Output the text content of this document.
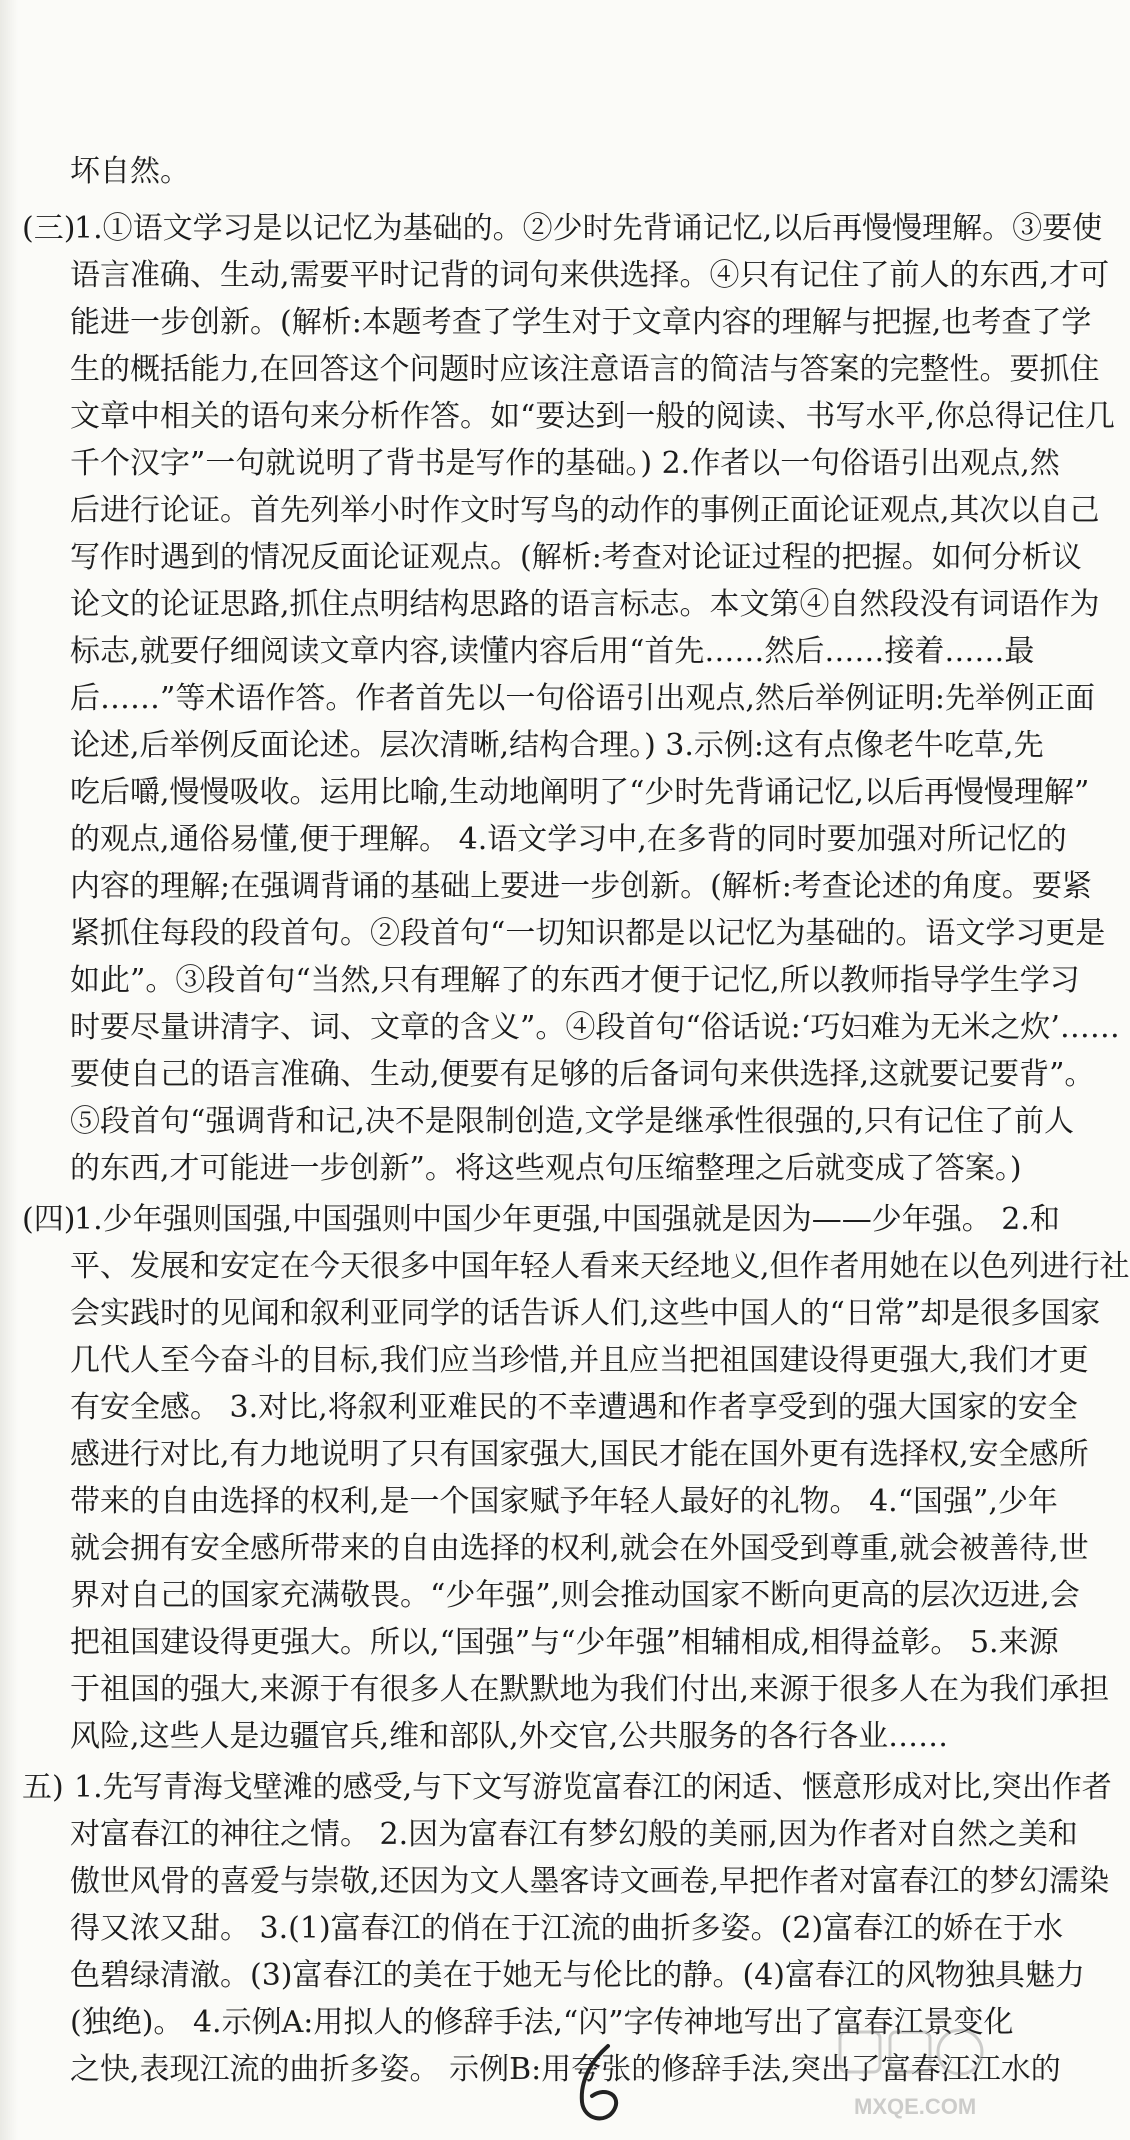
坏自然。
(三)
1.①语文学习是以记忆为基础的。②少时先背诵记忆,以后再慢慢理解。③要使
语言准确、生动,需要平时记背的词句来供选择。④只有记住了前人的东西,才可
能进一步创新。(解析:本题考查了学生对于文章内容的理解与把握,也考查了学
生的概括能力,在回答这个问题时应该注意语言的简洁与答案的完整性。要抓住
文章中相关的语句来分析作答。如“要达到一般的阅读、书写水平,你总得记住几
千个汉字”一句就说明了背书是写作的基础。) 2.作者以一句俗语引出观点,然
后进行论证。首先列举小时作文时写鸟的动作的事例正面论证观点,其次以自己
写作时遇到的情况反面论证观点。(解析:考查对论证过程的把握。如何分析议
论文的论证思路,抓住点明结构思路的语言标志。本文第④自然段没有词语作为
标志,就要仔细阅读文章内容,读懂内容后用“首先……然后……接着……最
后……”等术语作答。作者首先以一句俗语引出观点,然后举例证明:先举例正面
论述,后举例反面论述。层次清晰,结构合理。) 3.示例:这有点像老牛吃草,先
吃后嚼,慢慢吸收。运用比喻,生动地阐明了“少时先背诵记忆,以后再慢慢理解”
的观点,通俗易懂,便于理解。 4.语文学习中,在多背的同时要加强对所记忆的
内容的理解;在强调背诵的基础上要进一步创新。(解析:考查论述的角度。要紧
紧抓住每段的段首句。②段首句“一切知识都是以记忆为基础的。语文学习更是
如此”。③段首句“当然,只有理解了的东西才便于记忆,所以教师指导学生学习
时要尽量讲清字、词、文章的含义”。④段首句“俗话说:‘巧妇难为无米之炊’……
要使自己的语言准确、生动,便要有足够的后备词句来供选择,这就要记要背”。
⑤段首句“强调背和记,决不是限制创造,文学是继承性很强的,只有记住了前人
的东西,才可能进一步创新”。将这些观点句压缩整理之后就变成了答案。)
(四)
1.少年强则国强,中国强则中国少年更强,中国强就是因为——少年强。 2.和
平、发展和安定在今天很多中国年轻人看来天经地义,但作者用她在以色列进行社
会实践时的见闻和叙利亚同学的话告诉人们,这些中国人的“日常”却是很多国家
几代人至今奋斗的目标,我们应当珍惜,并且应当把祖国建设得更强大,我们才更
有安全感。 3.对比,将叙利亚难民的不幸遭遇和作者享受到的强大国家的安全
感进行对比,有力地说明了只有国家强大,国民才能在国外更有选择权,安全感所
带来的自由选择的权利,是一个国家赋予年轻人最好的礼物。 4.“国强”,少年
就会拥有安全感所带来的自由选择的权利,就会在外国受到尊重,就会被善待,世
界对自己的国家充满敬畏。“少年强”,则会推动国家不断向更高的层次迈进,会
把祖国建设得更强大。所以,“国强”与“少年强”相辅相成,相得益彰。 5.来源
于祖国的强大,来源于有很多人在默默地为我们付出,来源于很多人在为我们承担
风险,这些人是边疆官兵,维和部队,外交官,公共服务的各行各业……
五) 1.先写青海戈壁滩的感受,与下文写游览富春江的闲适、惬意形成对比,突出作者
对富春江的神往之情。 2.因为富春江有梦幻般的美丽,因为作者对自然之美和
傲世风骨的喜爱与崇敬,还因为文人墨客诗文画卷,早把作者对富春江的梦幻濡染
得又浓又甜。 3.(1)富春江的俏在于江流的曲折多姿。(2)富春江的娇在于水
色碧绿清澈。(3)富春江的美在于她无与伦比的静。(4)富春江的风物独具魅力
(独绝)。 4.示例A:用拟人的修辞手法,“闪”字传神地写出了富春江景变化
之快,表现江流的曲折多姿。 示例B:用夸张的修辞手法,突出了富春江江水的
MXQE.COM
